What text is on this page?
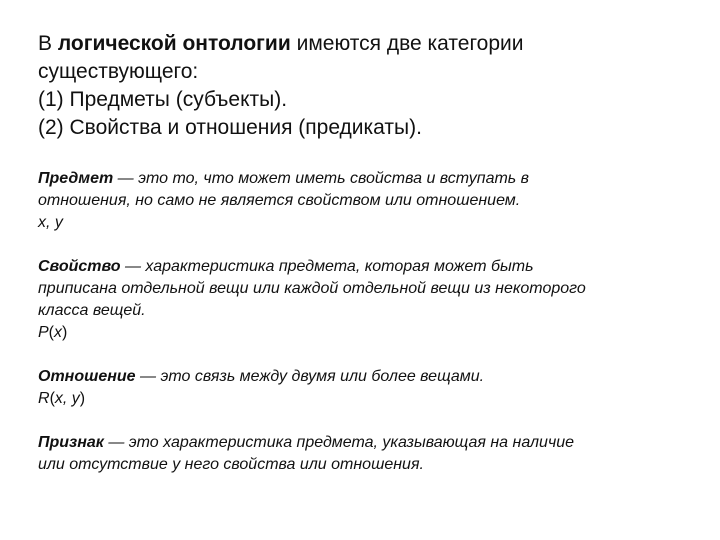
В логической онтологии имеются две категории
существующего:
(1) Предметы (субъекты).
(2) Свойства и отношения (предикаты).
Предмет — это то, что может иметь свойства и вступать в
отношения, но само не является свойством или отношением.
x, y
Свойство — характеристика предмета, которая может быть
приписана отдельной вещи или каждой отдельной вещи из некоторого
класса вещей.
P(x)
Отношение — это связь между двумя или более вещами.
R(x, y)
Признак — это характеристика предмета, указывающая на наличие
или отсутствие у него свойства или отношения.
